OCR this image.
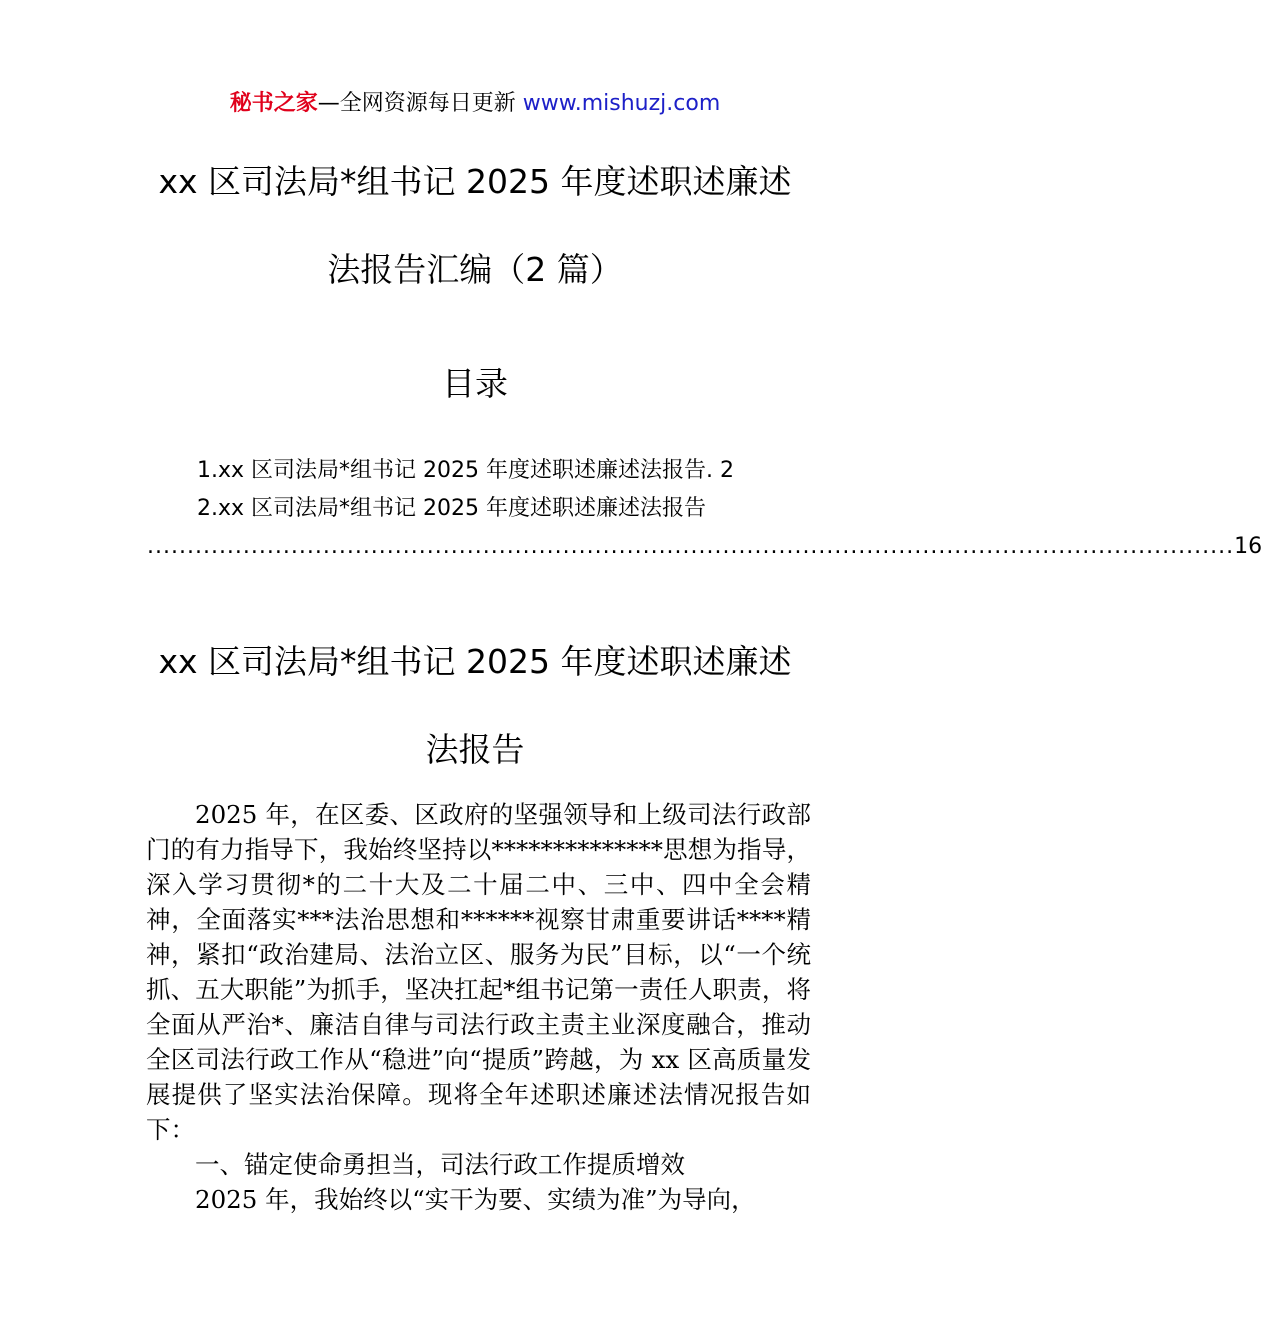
秘书之家—全网资源每日更新 www.mishuzj.com
xx 区司法局*组书记 2025 年度述职述廉述
法报告汇编（2 篇）
目录
1.xx 区司法局*组书记 2025 年度述职述廉述法报告. 2
2.xx 区司法局*组书记 2025 年度述职述廉述法报告
........................................................................................................................................ 16
xx 区司法局*组书记 2025 年度述职述廉述
法报告

2025 年，在区委、区政府的坚强领导和上级司法行政部门的有力指导下，我始终坚持以**************思想为指导，深入学习贯彻*的二十大及二十届二中、三中、四中全会精神，全面落实***法治思想和******视察甘肃重要讲话****精神，紧扣“政治建局、法治立区、服务为民”目标，以“一个统抓、五大职能”为抓手，坚决扛起*组书记第一责任人职责，将全面从严治*、廉洁自律与司法行政主责主业深度融合，推动全区司法行政工作从“稳进”向“提质”跨越，为 xx 区高质量发展提供了坚实法治保障。现将全年述职述廉述法情况报告如下：

一、锚定使命勇担当，司法行政工作提质增效

2025 年，我始终以“实干为要、实绩为准”为导向，
